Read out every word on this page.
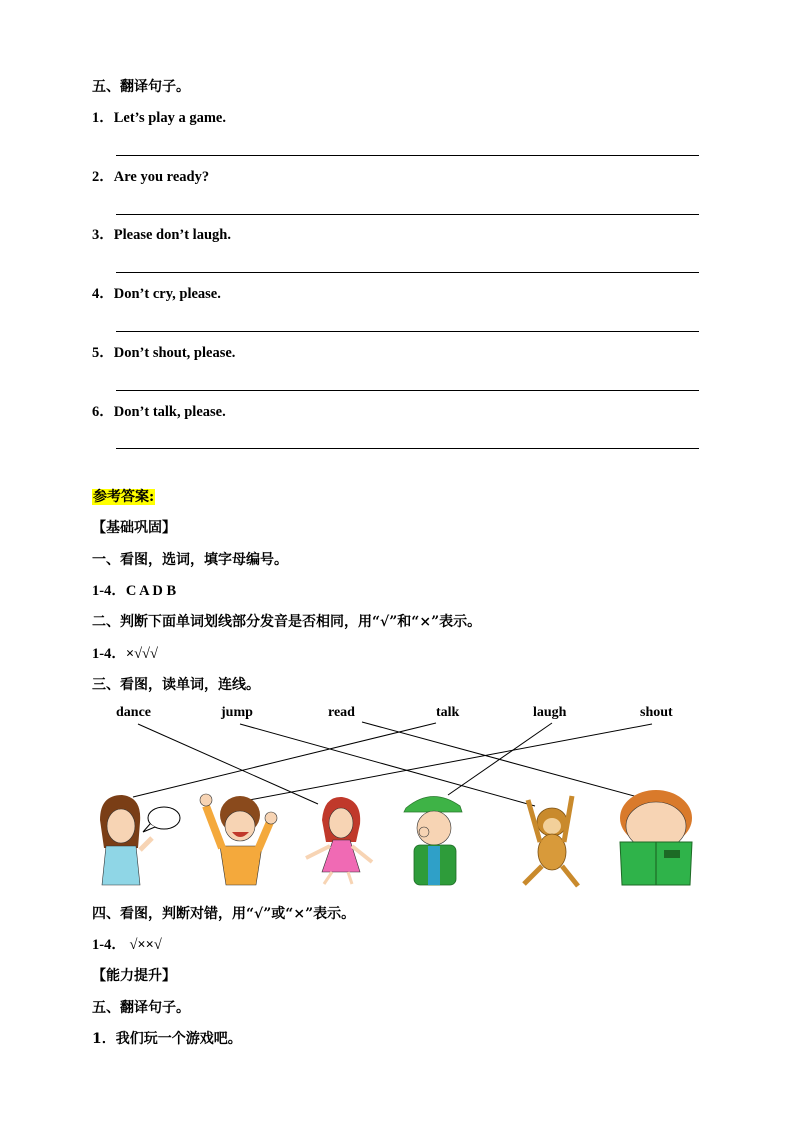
五、翻译句子。
1．Let’s play a game.
2．Are you ready?
3．Please don’t laugh.
4．Don’t cry, please.
5．Don’t shout, please.
6．Don’t talk, please.
参考答案:
【基础巩固】
一、看图，选词，填字母编号。
1-4．C A D B
二、判断下面单词划线部分发音是否相同，用“√”和“×”表示。
1-4．×√√√
三、看图，读单词，连线。
dance	jump	read	talk	laugh	shout
四、看图，判断对错，用“√”或“×”表示。
1-4． √××√
【能力提升】
五、翻译句子。
1．我们玩一个游戏吧。
